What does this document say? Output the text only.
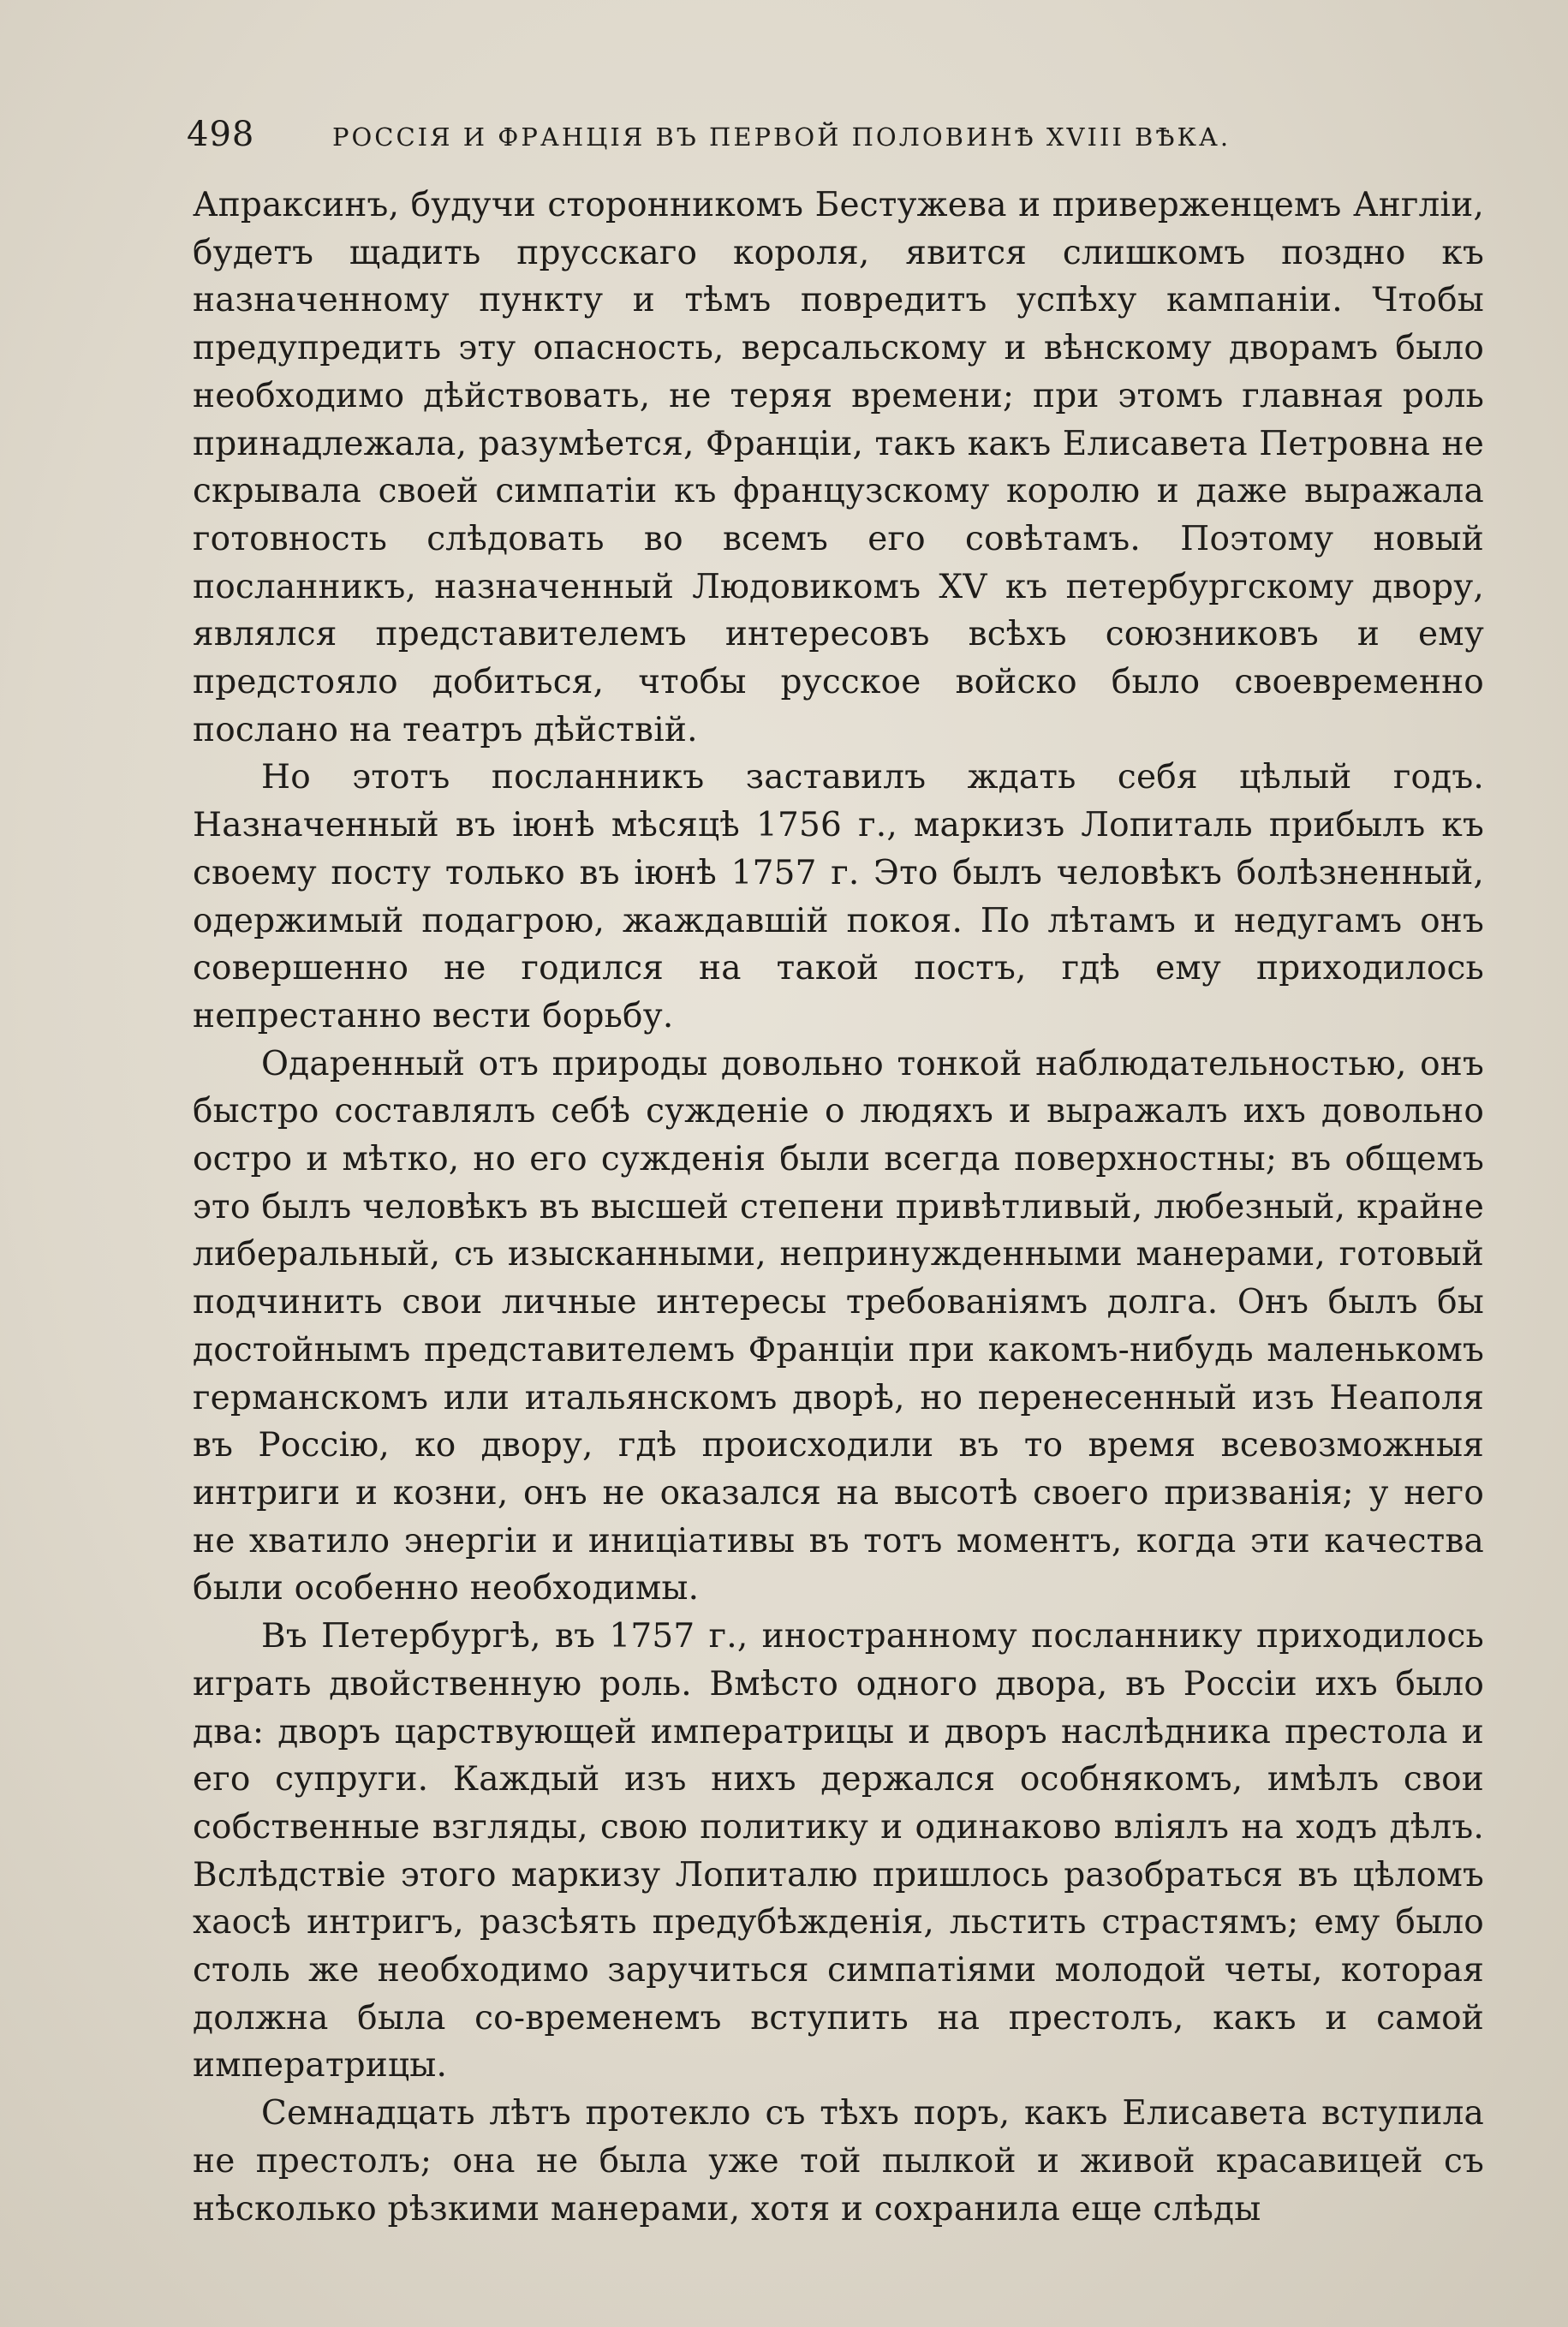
498	РОССІЯ И ФРАНЦІЯ ВЪ ПЕРВОЙ ПОЛОВИНѢ XVIII ВѢКА.

Апраксинъ, будучи сторонникомъ Бестужева и приверженцемъ Англіи, будетъ щадить прусскаго короля, явится слишкомъ поздно къ назначенному пункту и тѣмъ повредитъ успѣху кампаніи. Чтобы предупредить эту опасность, версальскому и вѣнскому дворамъ было необходимо дѣйствовать, не теряя времени; при этомъ главная роль принадлежала, разумѣется, Франціи, такъ какъ Елисавета Петровна не скрывала своей симпатіи къ французскому королю и даже выражала готовность слѣдовать во всемъ его совѣтамъ. Поэтому новый посланникъ, назначенный Людовикомъ XV къ петербургскому двору, являлся представителемъ интересовъ всѣхъ союзниковъ и ему предстояло добиться, чтобы русское войско было своевременно послано на театръ дѣйствій.

Но этотъ посланникъ заставилъ ждать себя цѣлый годъ. Назначенный въ іюнѣ мѣсяцѣ 1756 г., маркизъ Лопиталь прибылъ къ своему посту только въ іюнѣ 1757 г. Это былъ человѣкъ болѣзненный, одержимый подагрою, жаждавшій покоя. По лѣтамъ и недугамъ онъ совершенно не годился на такой постъ, гдѣ ему приходилось непрестанно вести борьбу.

Одаренный отъ природы довольно тонкой наблюдательностью, онъ быстро составлялъ себѣ сужденіе о людяхъ и выражалъ ихъ довольно остро и мѣтко, но его сужденія были всегда поверхностны; въ общемъ это былъ человѣкъ въ высшей степени привѣтливый, любезный, крайне либеральный, съ изысканными, непринужденными манерами, готовый подчинить свои личные интересы требованіямъ долга. Онъ былъ бы достойнымъ представителемъ Франціи при какомъ-нибудь маленькомъ германскомъ или итальянскомъ дворѣ, но перенесенный изъ Неаполя въ Россію, ко двору, гдѣ происходили въ то время всевозможныя интриги и козни, онъ не оказался на высотѣ своего призванія; у него не хватило энергіи и иниціативы въ тотъ моментъ, когда эти качества были особенно необходимы.

Въ Петербургѣ, въ 1757 г., иностранному посланнику приходилось играть двойственную роль. Вмѣсто одного двора, въ Россіи ихъ было два: дворъ царствующей императрицы и дворъ наслѣдника престола и его супруги. Каждый изъ нихъ держался особнякомъ, имѣлъ свои собственные взгляды, свою политику и одинаково вліялъ на ходъ дѣлъ. Вслѣдствіе этого маркизу Лопиталю пришлось разобраться въ цѣломъ хаосѣ интригъ, разсѣять предубѣжденія, льстить страстямъ; ему было столь же необходимо заручиться симпатіями молодой четы, которая должна была со-временемъ вступить на престолъ, какъ и самой императрицы.

Семнадцать лѣтъ протекло съ тѣхъ поръ, какъ Елисавета вступила не престолъ; она не была уже той пылкой и живой красавицей съ нѣсколько рѣзкими манерами, хотя и сохранила еще слѣды
